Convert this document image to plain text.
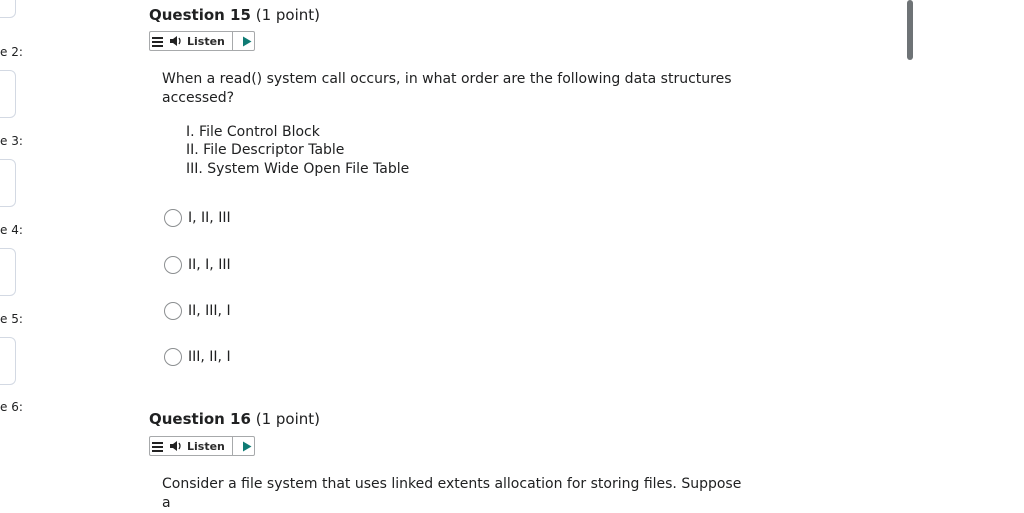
e 2:
e 3:
e 4:
e 5:
e 6:
Question 15 (1 point)
Listen
When a read() system call occurs, in what order are the following data structures accessed?
I. File Control Block
II. File Descriptor Table
III. System Wide Open File Table
I, II, III
II, I, III
II, III, I
III, II, I
Question 16 (1 point)
Listen
Consider a file system that uses linked extents allocation for storing files. Suppose a
